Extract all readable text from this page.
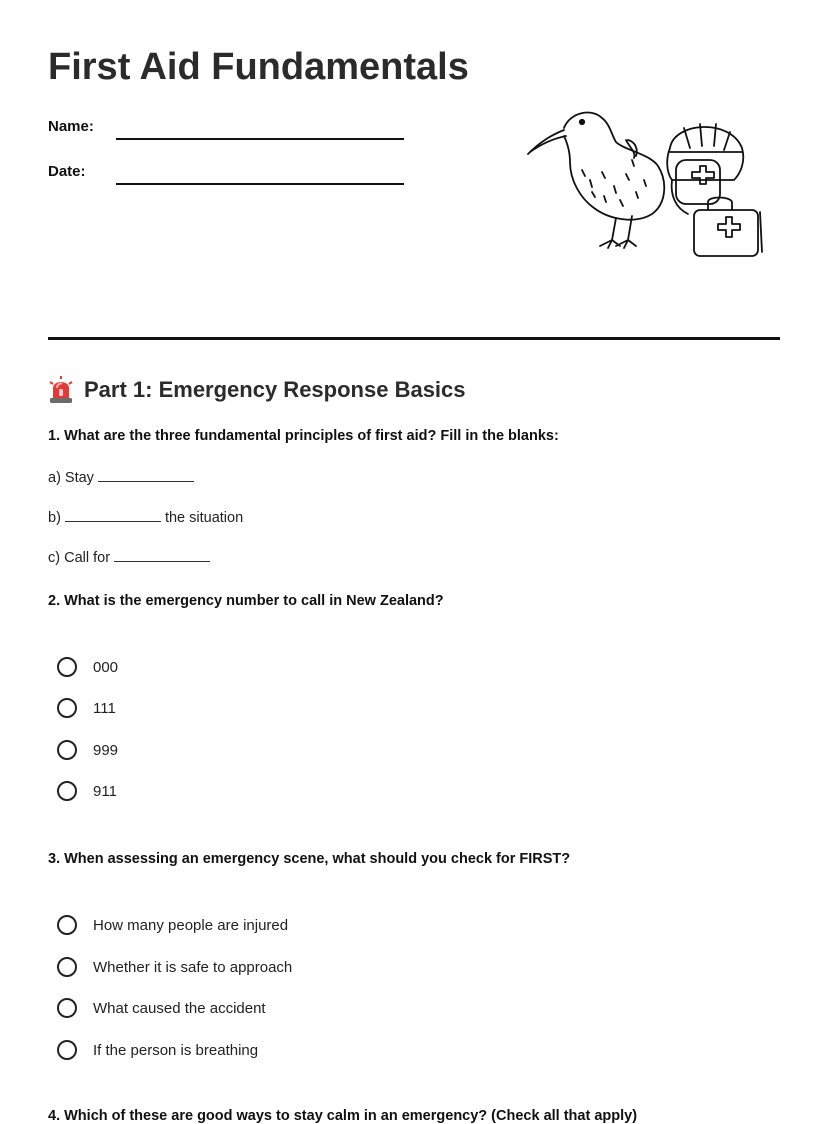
First Aid Fundamentals
Name:
Date:
Part 1: Emergency Response Basics
1. What are the three fundamental principles of first aid? Fill in the blanks:
a) Stay
b)	the situation
c) Call for
2. What is the emergency number to call in New Zealand?
000
111
999
911
3. When assessing an emergency scene, what should you check for FIRST?
How many people are injured
Whether it is safe to approach
What caused the accident
If the person is breathing
4. Which of these are good ways to stay calm in an emergency? (Check all that apply)
